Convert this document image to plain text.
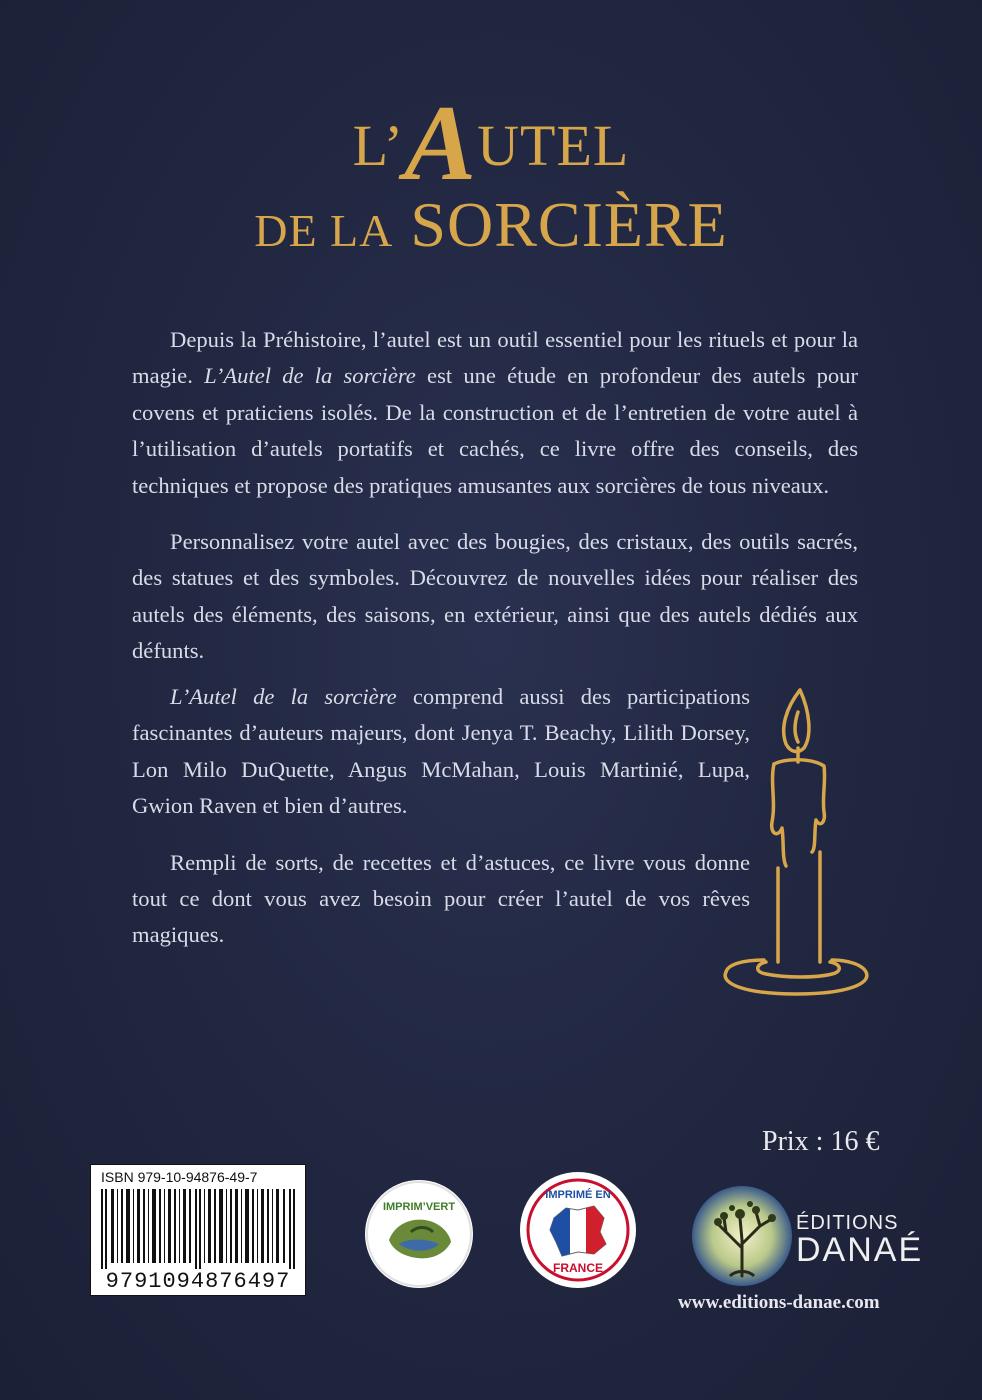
L’AUTEL
DE LA SORCIÈRE

Depuis la Préhistoire, l’autel est un outil essentiel pour les rituels et pour la magie. L’Autel de la sorcière est une étude en profondeur des autels pour covens et praticiens isolés. De la construction et de l’entretien de votre autel à l’utilisation d’autels portatifs et cachés, ce livre offre des conseils, des techniques et propose des pratiques amusantes aux sorcières de tous niveaux.

Personnalisez votre autel avec des bougies, des cristaux, des outils sacrés, des statues et des symboles. Découvrez de nouvelles idées pour réaliser des autels des éléments, des saisons, en extérieur, ainsi que des autels dédiés aux défunts.

L’Autel de la sorcière comprend aussi des participations fascinantes d’auteurs majeurs, dont Jenya T. Beachy, Lilith Dorsey, Lon Milo DuQuette, Angus McMahan, Louis Martinié, Lupa, Gwion Raven et bien d’autres.

Rempli de sorts, de recettes et d’astuces, ce livre vous donne tout ce dont vous avez besoin pour créer l’autel de vos rêves magiques.

Prix : 16 €
ISBN 979-10-94876-49-7
9791094876497
IMPRIM’VERT
IMPRIMÉ EN
FRANCE
ÉDITIONS
DANAÉ
www.editions-danae.com
